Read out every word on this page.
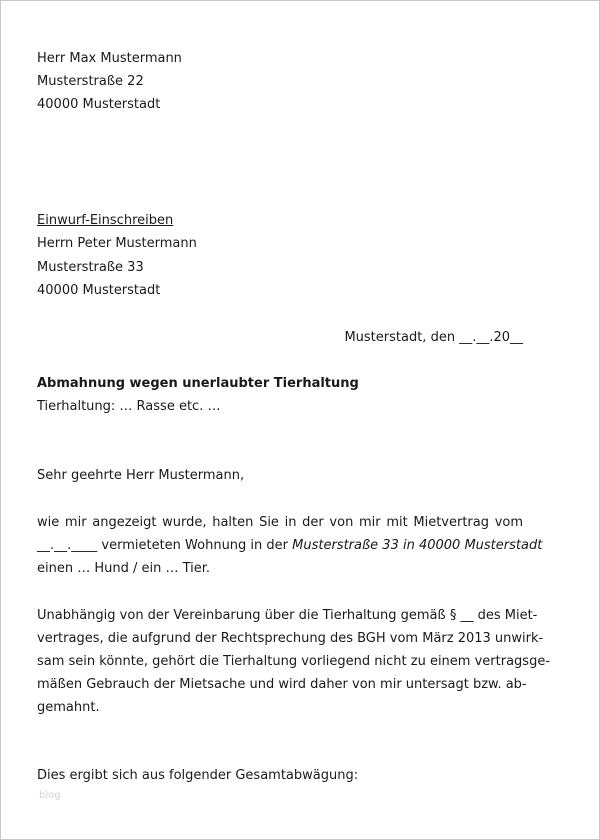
Herr Max Mustermann
Musterstraße 22
40000 Musterstadt
Einwurf-Einschreiben
Herrn Peter Mustermann
Musterstraße 33
40000 Musterstadt
Musterstadt, den __.__.20__
Abmahnung wegen unerlaubter Tierhaltung
Tierhaltung: … Rasse etc. …
Sehr geehrte Herr Mustermann,
wie mir angezeigt wurde, halten Sie in der von mir mit Mietvertrag vom
__.__.____ vermieteten Wohnung in der Musterstraße 33 in 40000 Musterstadt
einen … Hund / ein … Tier.
Unabhängig von der Vereinbarung über die Tierhaltung gemäß § __ des Miet-
vertrages, die aufgrund der Rechtsprechung des BGH vom März 2013 unwirk-
sam sein könnte, gehört die Tierhaltung vorliegend nicht zu einem vertragsge-
mäßen Gebrauch der Mietsache und wird daher von mir untersagt bzw. ab-
gemahnt.
Dies ergibt sich aus folgender Gesamtabwägung:
blog
